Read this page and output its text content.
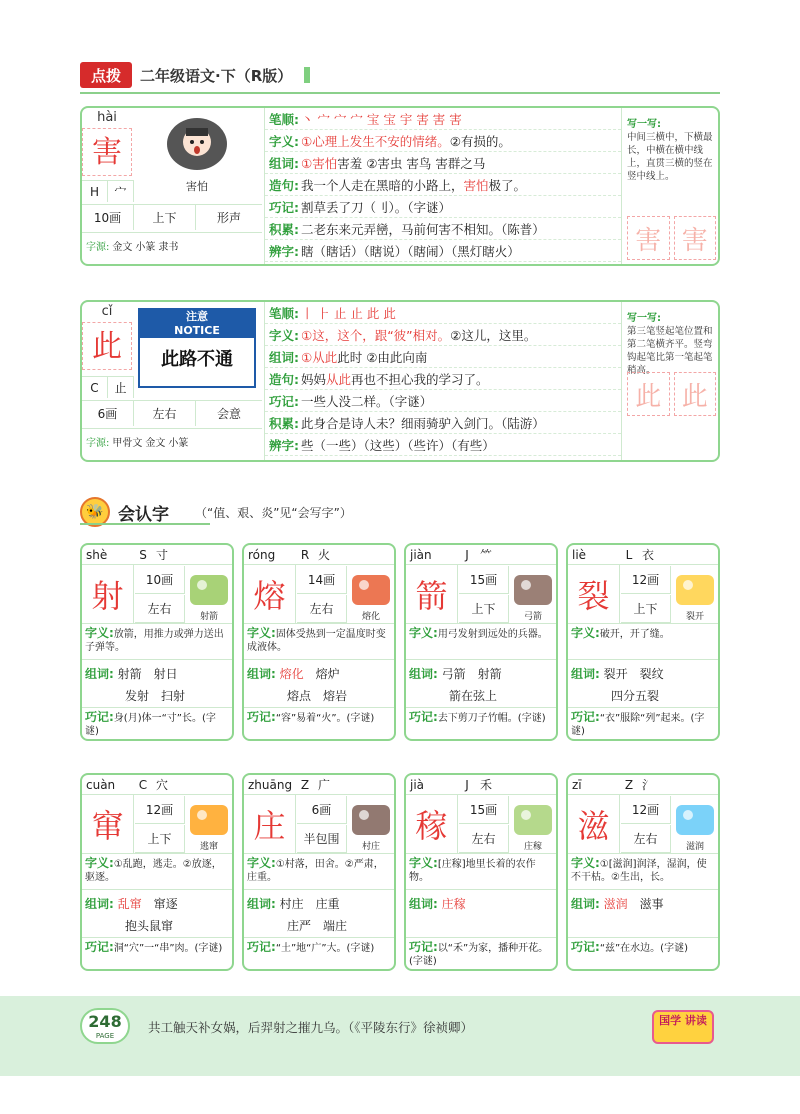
点拨	二年级语文·下（R版）
hài
害
害怕
H	宀
10画	上下	形声
字源: 金文 小篆 隶书
笔顺: 丶 宀 宀 宀 宝 宝 宇 害 害 害
字义: ①心理上发生不安的情绪。 ②有损的。
组词: ①害怕 害羞 ②害虫 害鸟 害群之马
造句: 我一个人走在黑暗的小路上， 害怕 极了。
巧记: 割草丢了刀（刂）。（字谜）
积累: 二老东来元弄巒，马前何害不相知。（陈普）
辨字: 瞎（瞎话）（瞎说）（瞎闹）（黑灯瞎火）
写一写:
中间三横中，下横最长，中横在横中线上，直贯三横的竖在竖中线上。
害 害
cǐ
此
注意
NOTICE
此路不通
C	止
6画	左右	会意
字源: 甲骨文 金文 小篆
笔顺: 丨 ⺊ 止 止 此 此
字义: ①这，这个，跟“彼”相对。 ②这儿，这里。
组词: ①从此 此时 ②由此向南
造句: 妈妈 从此 再也不担心我的学习了。
巧记: 一些人没二样。（字谜）
积累: 此身合是诗人未？细雨骑驴入剑门。（陆游）
辨字: 些（一些）（这些）（些许）（有些）
写一写:
第三笔竖起笔位置和第二笔横齐平。竖弯钩起笔比第一笔起笔稍高。
此 此
🐝 会认字 （“值、艰、炎”见“会写字”）
shè	S 寸
射	10画
左右
射箭
字义:放箭，用推力或弹力送出子弹等。
组词: 射箭 射日
发射 扫射
巧记:身(月)体一“寸”长。(字谜)
róng	R 火
熔	14画
左右
熔化
字义:固体受热到一定温度时变成液体。
组词: 熔化 熔炉
熔点 熔岩
巧记:“容”易着“火”。(字谜)
jiàn	J ⺮
箭	15画
上下
弓箭
字义:用弓发射到远处的兵器。
组词: 弓箭 射箭
箭在弦上
巧记:去下剪刀子竹帽。(字谜)
liè	L 衣
裂	12画
上下
裂开
字义:破开，开了缝。
组词: 裂开 裂纹
四分五裂
巧记:“衣”服除“列”起来。(字谜)
cuàn	C 穴
窜	12画
上下
逃窜
字义:①乱跑，逃走。②放逐，驱逐。
组词: 乱窜 窜逐
抱头鼠窜
巧记:洞“穴”一“串”肉。(字谜)
zhuāng Z 广
庄	6画
半包围
村庄
字义:①村落，田舍。②严肃，庄重。
组词: 村庄 庄重
庄严 端庄
巧记:“土”地“广”大。(字谜)
jià	J 禾
稼	15画
左右
庄稼
字义:[庄稼]地里长着的农作物。
组词: 庄稼
巧记:以“禾”为家，播种开花。(字谜)
zī	Z 氵
滋	12画
左右
滋润
字义:①[滋润]润泽，湿润，使不干枯。②生出，长。
组词: 滋润 滋事
巧记:“兹”在水边。(字谜)
248
PAGE
共工触天补女娲，后羿射之摧九乌。（《平陵东行》徐祯卿）	国学 讲读
